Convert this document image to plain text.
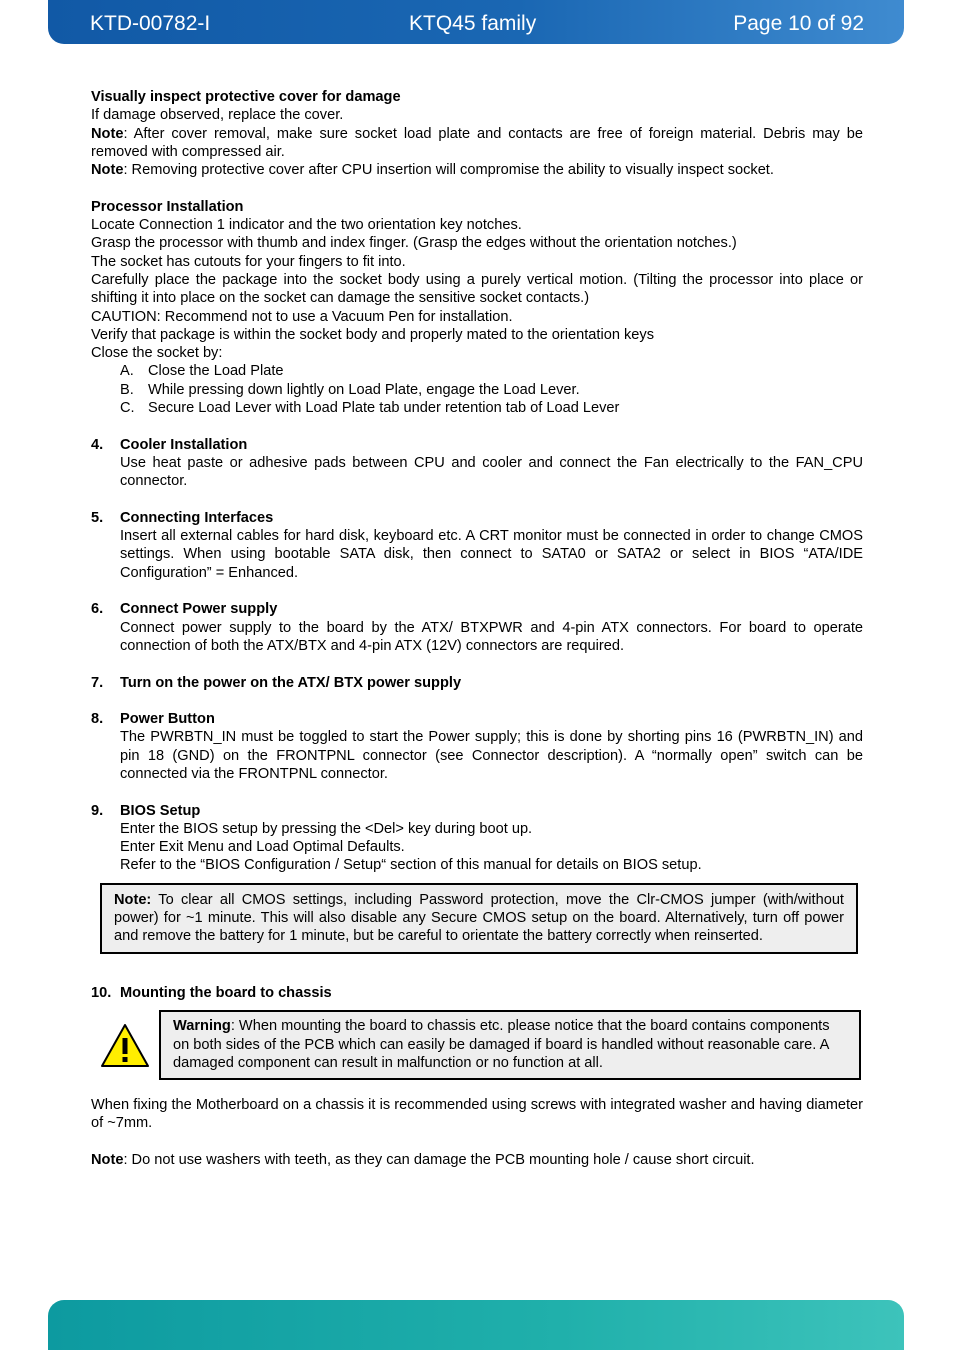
KTD-00782-I	KTQ45 family	Page 10 of 92

Visually inspect protective cover for damage

If damage observed, replace the cover.

Note: After cover removal, make sure socket load plate and contacts are free of foreign material. Debris may be removed with compressed air.

Note: Removing protective cover after CPU insertion will compromise the ability to visually inspect socket.

Processor Installation

Locate Connection 1 indicator and the two orientation key notches.

Grasp the processor with thumb and index finger. (Grasp the edges without the orientation notches.)

The socket has cutouts for your fingers to fit into.

Carefully place the package into the socket body using a purely vertical motion. (Tilting the processor into place or shifting it into place on the socket can damage the sensitive socket contacts.)

CAUTION: Recommend not to use a Vacuum Pen for installation.

Verify that package is within the socket body and properly mated to the orientation keys

Close the socket by:

A. Close the Load Plate
B. While pressing down lightly on Load Plate, engage the Load Lever.
C. Secure Load Lever with Load Plate tab under retention tab of Load Lever
4.	Cooler Installation

Use heat paste or adhesive pads between CPU and cooler and connect the Fan electrically to the FAN_CPU connector.

5.	Connecting Interfaces

Insert all external cables for hard disk, keyboard etc. A CRT monitor must be connected in order to change CMOS settings. When using bootable SATA disk, then connect to SATA0 or SATA2 or select in BIOS “ATA/IDE Configuration” = Enhanced.

6.	Connect Power supply

Connect power supply to the board by the ATX/ BTXPWR and 4-pin ATX connectors. For board to operate connection of both the ATX/BTX and 4-pin ATX (12V) connectors are required.

7.	Turn on the power on the ATX/ BTX power supply

8.	Power Button

The PWRBTN_IN must be toggled to start the Power supply; this is done by shorting pins 16 (PWRBTN_IN) and pin 18 (GND) on the FRONTPNL connector (see Connector description). A “normally open” switch can be connected via the FRONTPNL connector.

9.	BIOS Setup

Enter the BIOS setup by pressing the <Del> key during boot up.

Enter Exit Menu and Load Optimal Defaults.

Refer to the “BIOS Configuration / Setup“ section of this manual for details on BIOS setup.

Note: To clear all CMOS settings, including Password protection, move the Clr-CMOS jumper (with/without power) for ~1 minute. This will also disable any Secure CMOS setup on the board. Alternatively, turn off power and remove the battery for 1 minute, but be careful to orientate the battery correctly when reinserted.
10. Mounting the board to chassis

Warning: When mounting the board to chassis etc. please notice that the board contains components on both sides of the PCB which can easily be damaged if board is handled without reasonable care. A damaged component can result in malfunction or no function at all.

When fixing the Motherboard on a chassis it is recommended using screws with integrated washer and having diameter of ~7mm.

Note: Do not use washers with teeth, as they can damage the PCB mounting hole / cause short circuit.
